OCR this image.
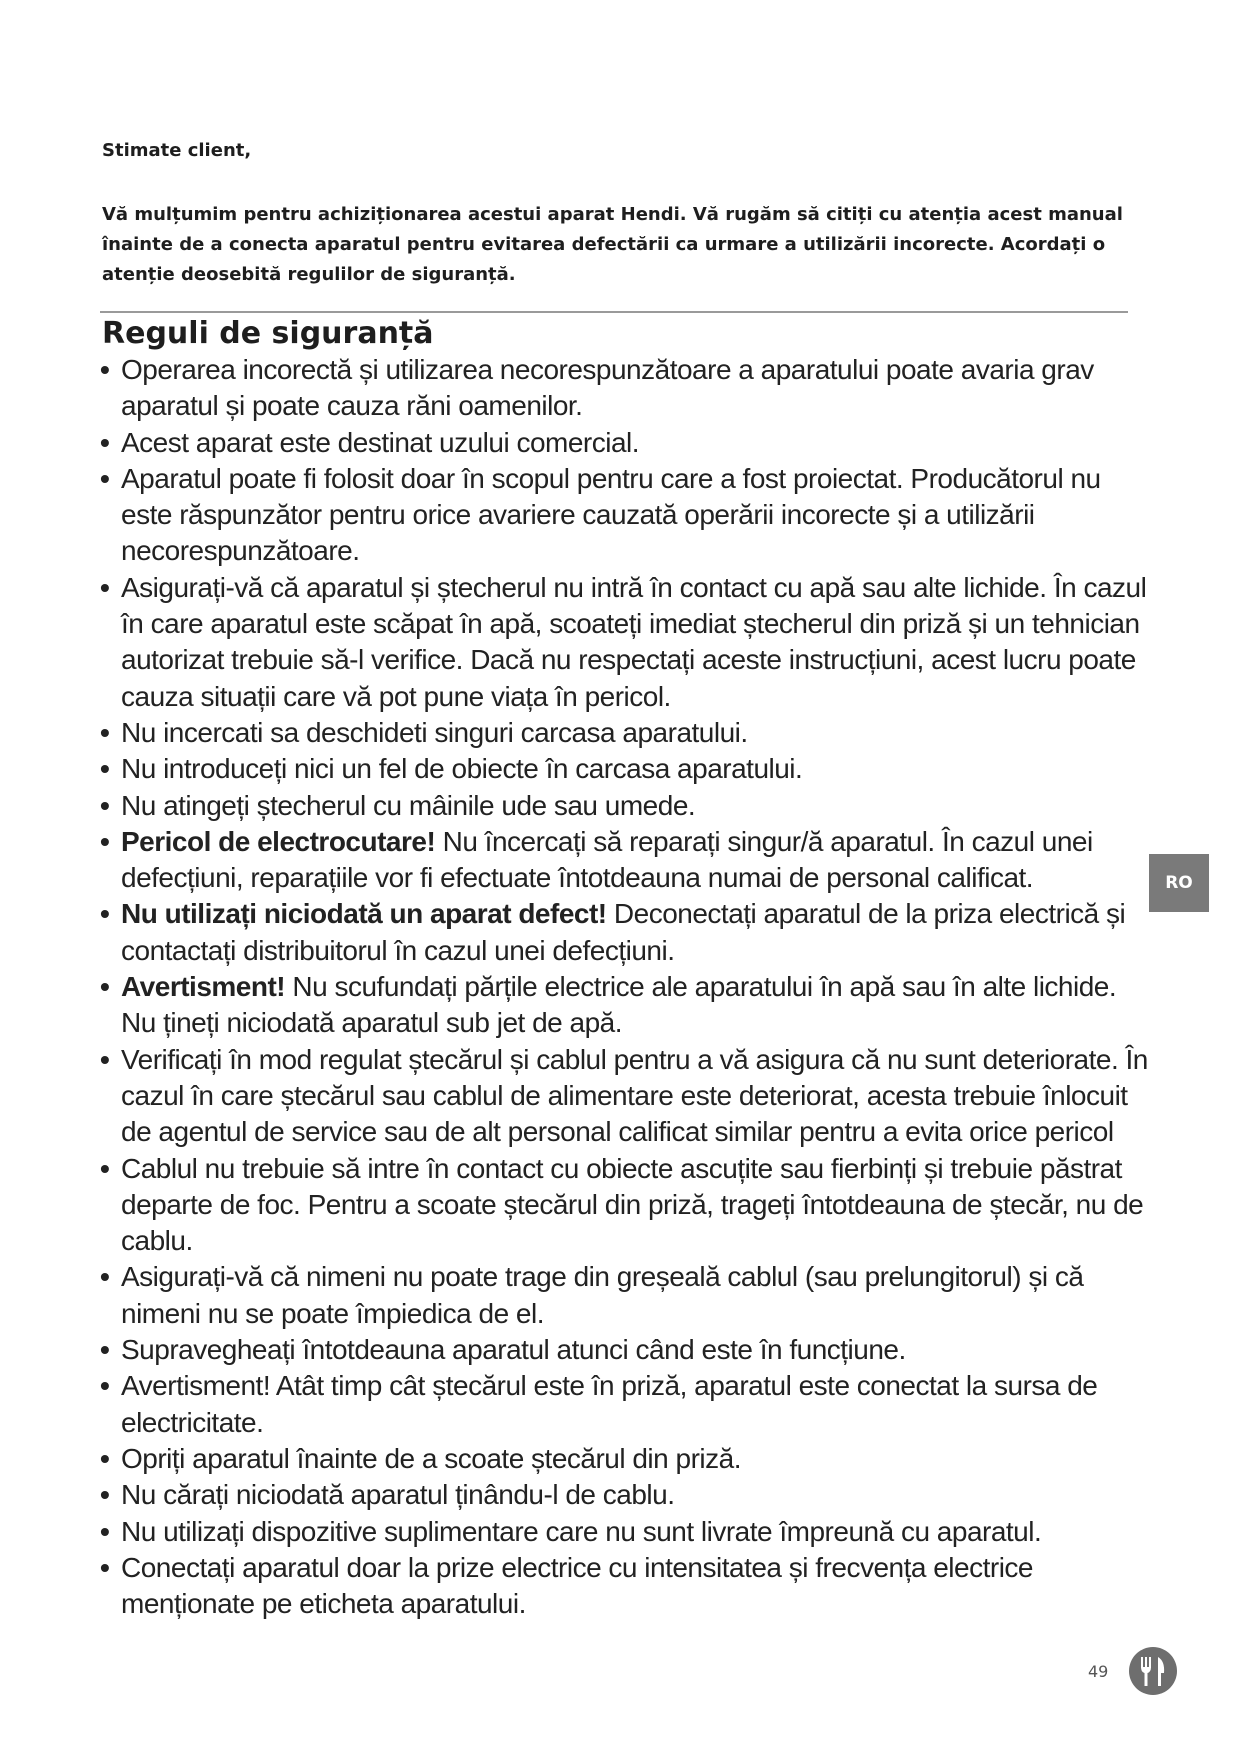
Stimate client,

Vă mulțumim pentru achiziționarea acestui aparat Hendi. Vă rugăm să citiți cu atenția acest manual înainte de a conecta aparatul pentru evitarea defectării ca urmare a utilizării incorecte. Acordați o atenție deosebită regulilor de siguranță.

Reguli de siguranță
• Operarea incorectă și utilizarea necorespunzătoare a aparatului poate avaria grav aparatul și poate cauza răni oamenilor.
• Acest aparat este destinat uzului comercial.
• Aparatul poate fi folosit doar în scopul pentru care a fost proiectat. Producătorul nu este răspunzător pentru orice avariere cauzată operării incorecte și a utilizării necorespunzătoare.
• Asigurați-vă că aparatul și ștecherul nu intră în contact cu apă sau alte lichide. În cazul în care aparatul este scăpat în apă, scoateți imediat ștecherul din priză și un tehnician autorizat trebuie să-l verifice. Dacă nu respectați aceste instrucțiuni, acest lucru poate cauza situații care vă pot pune viața în pericol.
• Nu incercati sa deschideti singuri carcasa aparatului.
• Nu introduceți nici un fel de obiecte în carcasa aparatului.
• Nu atingeți ștecherul cu mâinile ude sau umede.
• Pericol de electrocutare! Nu încercați să reparați singur/ă aparatul. În cazul unei defecțiuni, reparațiile vor fi efectuate întotdeauna numai de personal calificat.
• Nu utilizați niciodată un aparat defect! Deconectați aparatul de la priza electrică și contactați distribuitorul în cazul unei defecțiuni.
• Avertisment! Nu scufundați părțile electrice ale aparatului în apă sau în alte lichide. Nu țineți niciodată aparatul sub jet de apă.
• Verificați în mod regulat ștecărul și cablul pentru a vă asigura că nu sunt deteriorate. În cazul în care ștecărul sau cablul de alimentare este deteriorat, acesta trebuie înlocuit de agentul de service sau de alt personal calificat similar pentru a evita orice pericol
• Cablul nu trebuie să intre în contact cu obiecte ascuțite sau fierbinți și trebuie păstrat departe de foc. Pentru a scoate ștecărul din priză, trageți întotdeauna de ștecăr, nu de cablu.
• Asigurați-vă că nimeni nu poate trage din greșeală cablul (sau prelungitorul) și că nimeni nu se poate împiedica de el.
• Supravegheați întotdeauna aparatul atunci când este în funcțiune.
• Avertisment! Atât timp cât ștecărul este în priză, aparatul este conectat la sursa de electricitate.
• Opriți aparatul înainte de a scoate ștecărul din priză.
• Nu cărați niciodată aparatul ținându-l de cablu.
• Nu utilizați dispozitive suplimentare care nu sunt livrate împreună cu aparatul.
• Conectați aparatul doar la prize electrice cu intensitatea și frecvența electrice menționate pe eticheta aparatului.
RO
49
